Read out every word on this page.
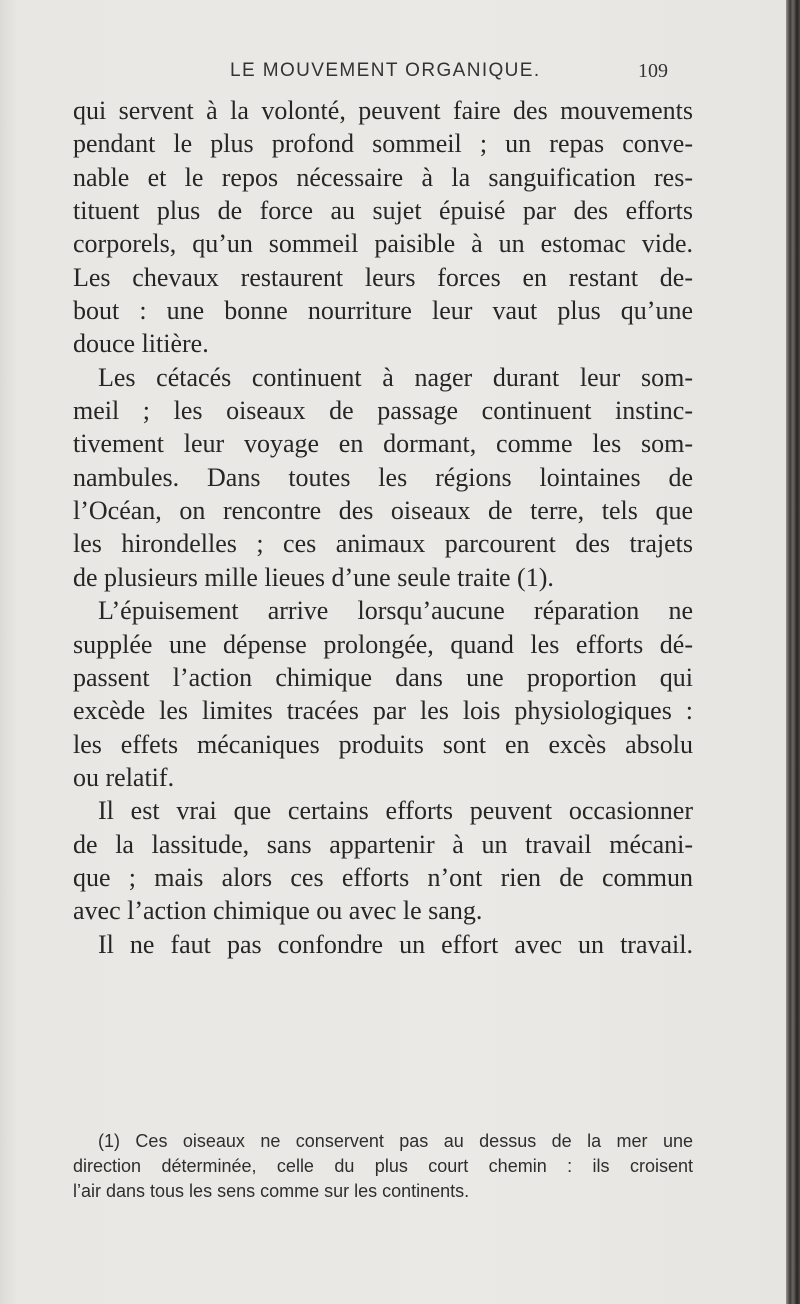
LE MOUVEMENT ORGANIQUE.	109
qui servent à la volonté, peuvent faire des mouvements
pendant le plus profond sommeil ; un repas conve-
nable et le repos nécessaire à la sanguification res-
tituent plus de force au sujet épuisé par des efforts
corporels, qu’un sommeil paisible à un estomac vide.
Les chevaux restaurent leurs forces en restant de-
bout : une bonne nourriture leur vaut plus qu’une
douce litière.
Les cétacés continuent à nager durant leur som-
meil ; les oiseaux de passage continuent instinc-
tivement leur voyage en dormant, comme les som-
nambules. Dans toutes les régions lointaines de
l’Océan, on rencontre des oiseaux de terre, tels que
les hirondelles ; ces animaux parcourent des trajets
de plusieurs mille lieues d’une seule traite (1).
L’épuisement arrive lorsqu’aucune réparation ne
supplée une dépense prolongée, quand les efforts dé-
passent l’action chimique dans une proportion qui
excède les limites tracées par les lois physiologiques :
les effets mécaniques produits sont en excès absolu
ou relatif.
Il est vrai que certains efforts peuvent occasionner
de la lassitude, sans appartenir à un travail mécani-
que ; mais alors ces efforts n’ont rien de commun
avec l’action chimique ou avec le sang.
Il ne faut pas confondre un effort avec un travail.
(1) Ces oiseaux ne conservent pas au dessus de la mer une
direction déterminée, celle du plus court chemin : ils croisent
l’air dans tous les sens comme sur les continents.
